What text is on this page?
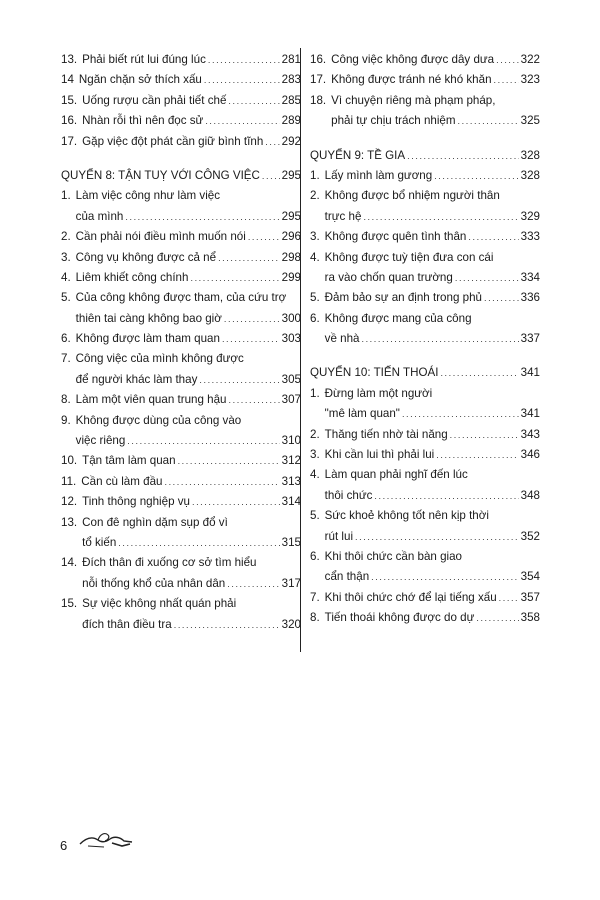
13. Phải biết rút lui đúng lúc .....	281
14 Ngăn chặn sở thích xấu .....	283
15. Uống rượu cần phải tiết chế .....	285
16. Nhàn rỗi thì nên đọc sử .....	289
17. Gặp việc đột phát cần giữ bình tĩnh ..... 292
QUYỂN 8: TẬN TUỴ VỚI CÔNG VIỆC ..... 295
1. Làm việc công như làm việc
của mình .....	295
2. Cần phải nói điều mình muốn nói .....	296
3. Công vụ không được cả nể .....	298
4. Liêm khiết công chính .....	299
5. Của công không được tham, của cứu trợ
thiên tai càng không bao giờ .....	300
6. Không được làm tham quan .....	303
7. Công việc của mình không được
để người khác làm thay .....	305
8. Làm một viên quan trung hậu .....	307
9. Không được dùng của công vào
việc riêng .....	310
10. Tận tâm làm quan .....	312
11. Cần cù làm đầu .....	313
12. Tinh thông nghiệp vụ .....	314
13. Con đê nghìn dặm sụp đổ vì
tổ kiến .....	315
14. Đích thân đi xuống cơ sở tìm hiểu
nỗi thống khổ của nhân dân .....	317
15. Sự việc không nhất quán phải
đích thân điều tra .....	320
16. Công việc không được dây dưa ..... 322
17. Không được tránh né khó khăn .....	323
18. Vì chuyện riêng mà phạm pháp,
phải tự chịu trách nhiệm .....	325
QUYỂN 9: TỀ GIA .....	328
1. Lấy mình làm gương .....	328
2. Không được bổ nhiệm người thân
trực hệ .....	329
3. Không được quên tình thân .....	333
4. Không được tuỳ tiện đưa con cái
ra vào chốn quan trường .....	334
5. Đảm bảo sự an định trong phủ .....	336
6. Không được mang của công
về nhà .....	337
QUYỂN 10: TIẾN THOÁI .....	341
1. Đừng làm một người
"mê làm quan" .....	341
2. Thăng tiến nhờ tài năng .....	343
3. Khi cần lui thì phải lui .....	346
4. Làm quan phải nghĩ đến lúc
thôi chức .....	348
5. Sức khoẻ không tốt nên kịp thời
rút lui .....	352
6. Khi thôi chức cần bàn giao
cẩn thận .....	354
7. Khi thôi chức chớ để lại tiếng xấu ..... 357
8. Tiến thoái không được do dự .....	358
6
